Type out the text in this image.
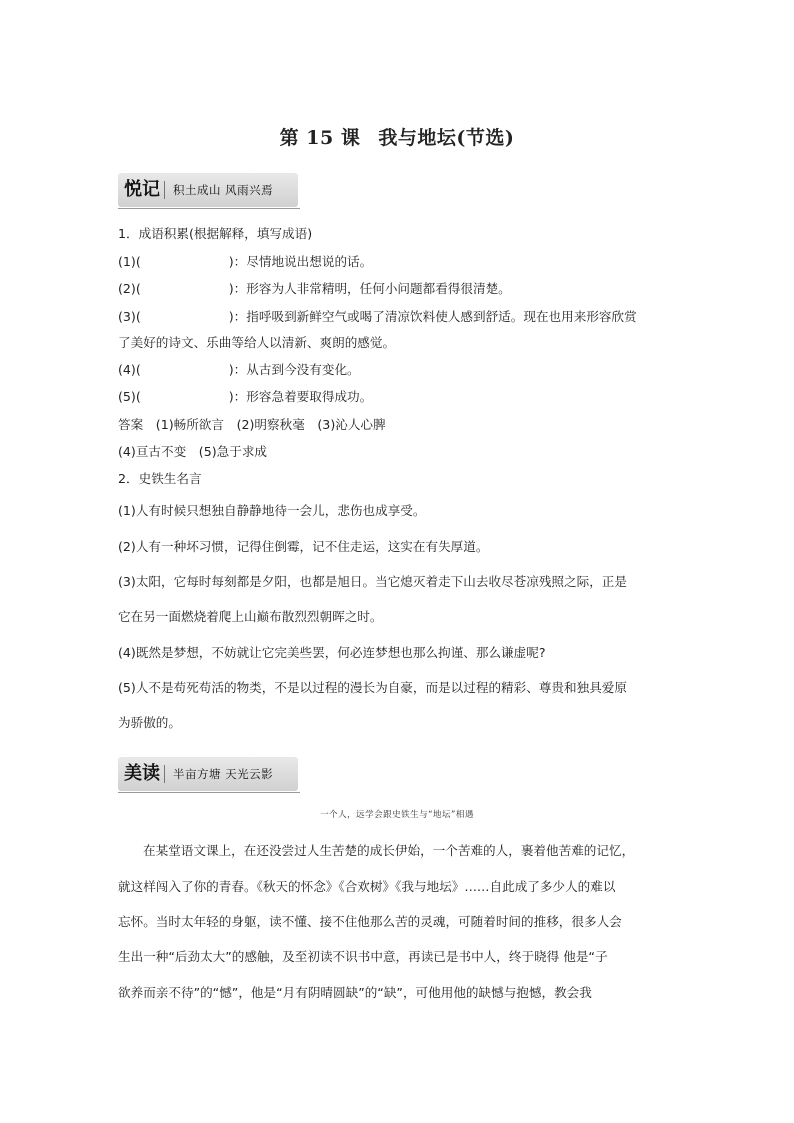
第 15 课 我与地坛(节选)
悦记	积土成山 风雨兴焉
1．成语积累(根据解释，填写成语)
(1)(	)：尽情地说出想说的话。
(2)(	)：形容为人非常精明，任何小问题都看得很清楚。
(3)(	)：指呼吸到新鲜空气或喝了清凉饮料使人感到舒适。现在也用来形容欣赏
了美好的诗文、乐曲等给人以清新、爽朗的感觉。
(4)(	)：从古到今没有变化。
(5)(	)：形容急着要取得成功。
答案　(1)畅所欲言　(2)明察秋毫　(3)沁人心脾
(4)亘古不变　(5)急于求成
2．史铁生名言
(1)人有时候只想独自静静地待一会儿，悲伤也成享受。
(2)人有一种坏习惯，记得住倒霉，记不住走运，这实在有失厚道。
(3)太阳，它每时每刻都是夕阳，也都是旭日。当它熄灭着走下山去收尽苍凉残照之际，正是
它在另一面燃烧着爬上山巅布散烈烈朝晖之时。
(4)既然是梦想，不妨就让它完美些罢，何必连梦想也那么拘谨、那么谦虚呢?
(5)人不是苟死苟活的物类，不是以过程的漫长为自豪，而是以过程的精彩、尊贵和独具爱原
为骄傲的。
美读	半亩方塘 天光云影
一个人，远学会跟史铁生与“地坛”相遇
在某堂语文课上，在还没尝过人生苦楚的成长伊始，一个苦难的人，裹着他苦难的记忆，
就这样闯入了你的青春。《秋天的怀念》《合欢树》《我与地坛》……自此成了多少人的难以
忘怀。当时太年轻的身躯，读不懂、接不住他那么苦的灵魂，可随着时间的推移，很多人会
生出一种“后劲太大”的感触，及至初读不识书中意，再读已是书中人，终于晓得 他是“子
欲养而亲不待”的“憾”，他是“月有阴晴圆缺”的“缺”，可他用他的缺憾与抱憾，教会我
